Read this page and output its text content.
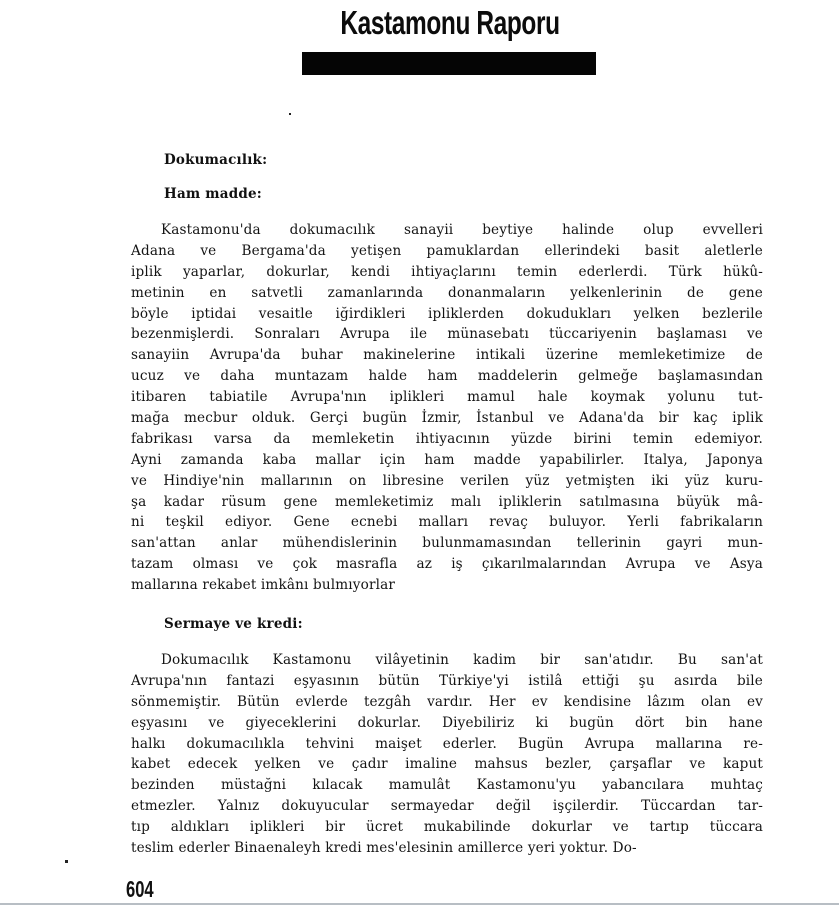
Kastamonu Raporu
Dokumacılık:
Ham madde:
Kastamonu'da dokumacılık sanayii beytiye halinde olup evvelleri
Adana ve Bergama'da yetişen pamuklardan ellerindeki basit aletlerle
iplik yaparlar, dokurlar, kendi ihtiyaçlarını temin ederlerdi. Türk hükû-
metinin en satvetli zamanlarında donanmaların yelkenlerinin de gene
böyle iptidai vesaitle iğirdikleri ipliklerden dokudukları yelken bezlerile
bezenmişlerdi. Sonraları Avrupa ile münasebatı tüccariyenin başlaması ve
sanayiin Avrupa'da buhar makinelerine intikali üzerine memleketimize de
ucuz ve daha muntazam halde ham maddelerin gelmeğe başlamasından
itibaren tabiatile Avrupa'nın iplikleri mamul hale koymak yolunu tut-
mağa mecbur olduk. Gerçi bugün İzmir, İstanbul ve Adana'da bir kaç iplik
fabrikası varsa da memleketin ihtiyacının yüzde birini temin edemiyor.
Ayni zamanda kaba mallar için ham madde yapabilirler. Italya, Japonya
ve Hindiye'nin mallarının on libresine verilen yüz yetmişten iki yüz kuru-
şa kadar rüsum gene memleketimiz malı ipliklerin satılmasına büyük mâ-
ni teşkil ediyor. Gene ecnebi malları revaç buluyor. Yerli fabrikaların
san'attan anlar mühendislerinin bulunmamasından tellerinin gayri mun-
tazam olması ve çok masrafla az iş çıkarılmalarından Avrupa ve Asya
mallarına rekabet imkânı bulmıyorlar
Sermaye ve kredi:
Dokumacılık Kastamonu vilâyetinin kadim bir san'atıdır. Bu san'at
Avrupa'nın fantazi eşyasının bütün Türkiye'yi istilâ ettiği şu asırda bile
sönmemiştir. Bütün evlerde tezgâh vardır. Her ev kendisine lâzım olan ev
eşyasını ve giyeceklerini dokurlar. Diyebiliriz ki bugün dört bin hane
halkı dokumacılıkla tehvini maişet ederler. Bugün Avrupa mallarına re-
kabet edecek yelken ve çadır imaline mahsus bezler, çarşaflar ve kaput
bezinden müstağni kılacak mamulât Kastamonu'yu yabancılara muhtaç
etmezler. Yalnız dokuyucular sermayedar değil işçilerdir. Tüccardan tar-
tıp aldıkları iplikleri bir ücret mukabilinde dokurlar ve tartıp tüccara
teslim ederler Binaenaleyh kredi mes'elesinin amillerce yeri yoktur. Do-
604
